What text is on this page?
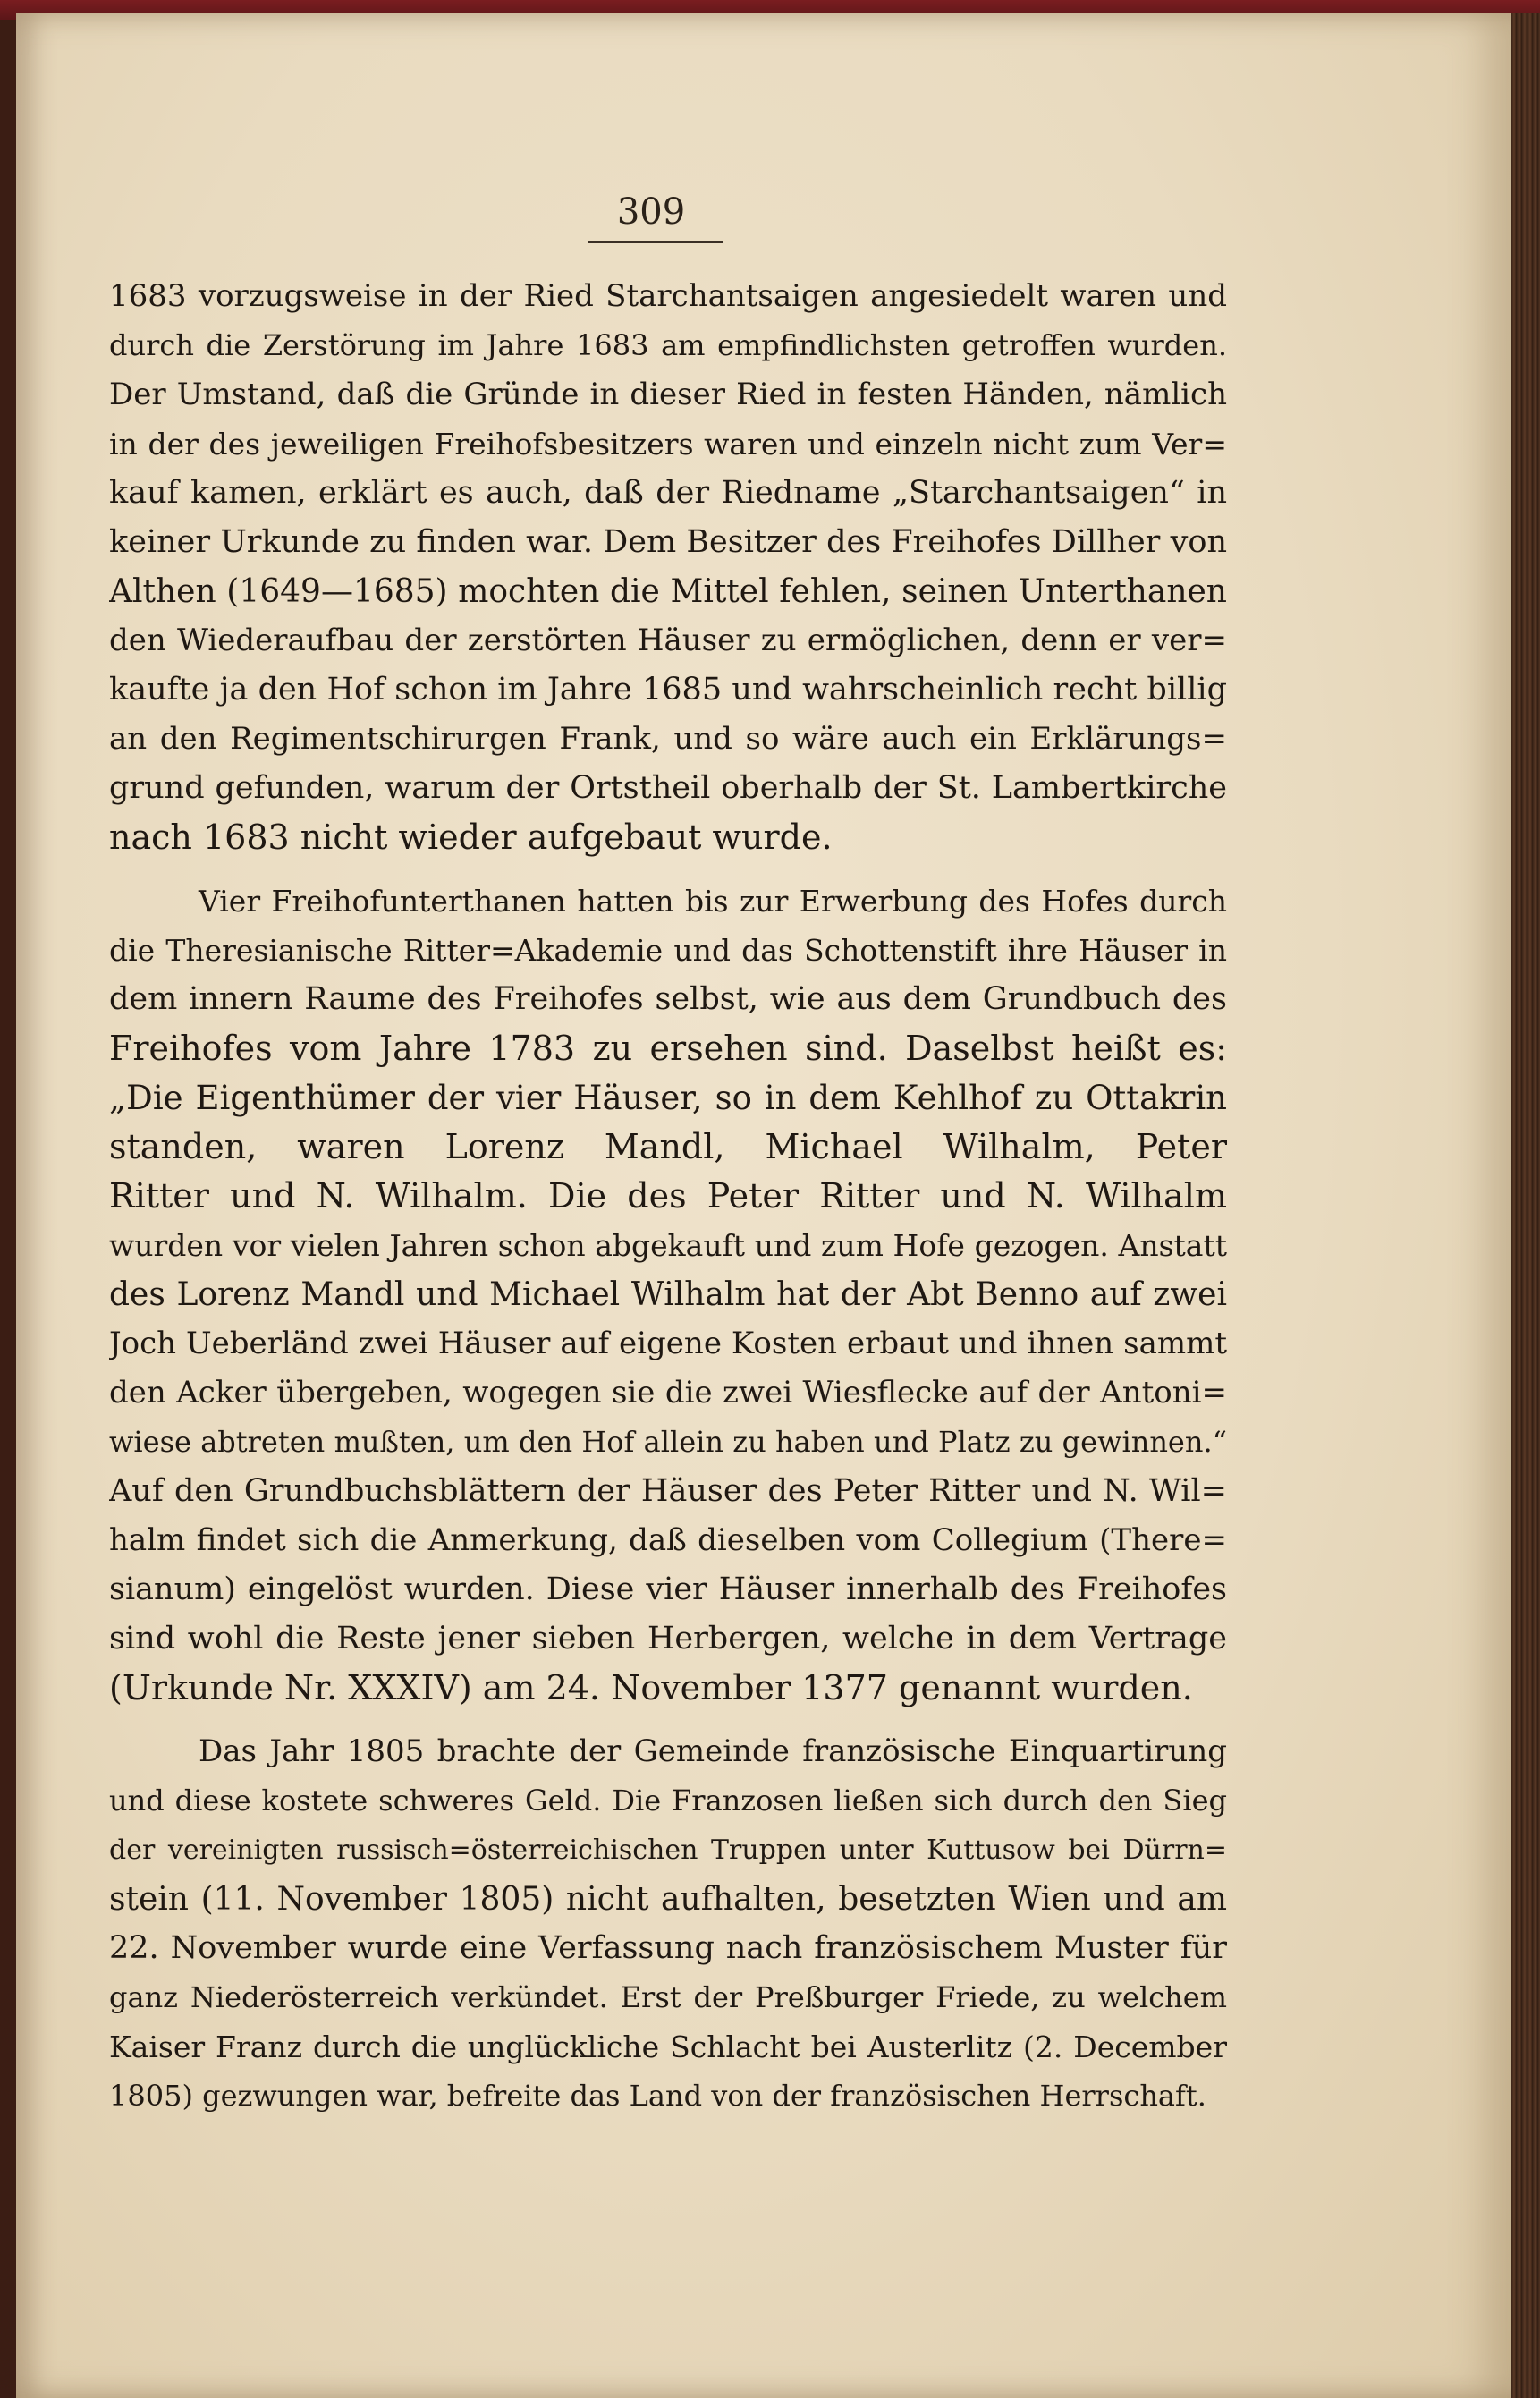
309
1683 vorzugsweise in der Ried Starchantsaigen angesiedelt waren und
durch die Zerstörung im Jahre 1683 am empfindlichsten getroffen wurden.
Der Umstand, daß die Gründe in dieser Ried in festen Händen, nämlich
in der des jeweiligen Freihofsbesitzers waren und einzeln nicht zum Ver=
kauf kamen, erklärt es auch, daß der Riedname „Starchantsaigen“ in
keiner Urkunde zu finden war. Dem Besitzer des Freihofes Dillher von
Althen (1649—1685) mochten die Mittel fehlen, seinen Unterthanen
den Wiederaufbau der zerstörten Häuser zu ermöglichen, denn er ver=
kaufte ja den Hof schon im Jahre 1685 und wahrscheinlich recht billig
an den Regimentschirurgen Frank, und so wäre auch ein Erklärungs=
grund gefunden, warum der Ortstheil oberhalb der St. Lambertkirche
nach 1683 nicht wieder aufgebaut wurde.
Vier Freihofunterthanen hatten bis zur Erwerbung des Hofes durch
die Theresianische Ritter=Akademie und das Schottenstift ihre Häuser in
dem innern Raume des Freihofes selbst, wie aus dem Grundbuch des
Freihofes vom Jahre 1783 zu ersehen sind. Daselbst heißt es:
„Die Eigenthümer der vier Häuser, so in dem Kehlhof zu Ottakrin
standen, waren Lorenz Mandl, Michael Wilhalm, Peter
Ritter und N. Wilhalm. Die des Peter Ritter und N. Wilhalm
wurden vor vielen Jahren schon abgekauft und zum Hofe gezogen. Anstatt
des Lorenz Mandl und Michael Wilhalm hat der Abt Benno auf zwei
Joch Ueberländ zwei Häuser auf eigene Kosten erbaut und ihnen sammt
den Acker übergeben, wogegen sie die zwei Wiesflecke auf der Antoni=
wiese abtreten mußten, um den Hof allein zu haben und Platz zu gewinnen.“
Auf den Grundbuchsblättern der Häuser des Peter Ritter und N. Wil=
halm findet sich die Anmerkung, daß dieselben vom Collegium (There=
sianum) eingelöst wurden. Diese vier Häuser innerhalb des Freihofes
sind wohl die Reste jener sieben Herbergen, welche in dem Vertrage
(Urkunde Nr. XXXIV) am 24. November 1377 genannt wurden.
Das Jahr 1805 brachte der Gemeinde französische Einquartirung
und diese kostete schweres Geld. Die Franzosen ließen sich durch den Sieg
der vereinigten russisch=österreichischen Truppen unter Kuttusow bei Dürrn=
stein (11. November 1805) nicht aufhalten, besetzten Wien und am
22. November wurde eine Verfassung nach französischem Muster für
ganz Niederösterreich verkündet. Erst der Preßburger Friede, zu welchem
Kaiser Franz durch die unglückliche Schlacht bei Austerlitz (2. December
1805) gezwungen war, befreite das Land von der französischen Herrschaft.
